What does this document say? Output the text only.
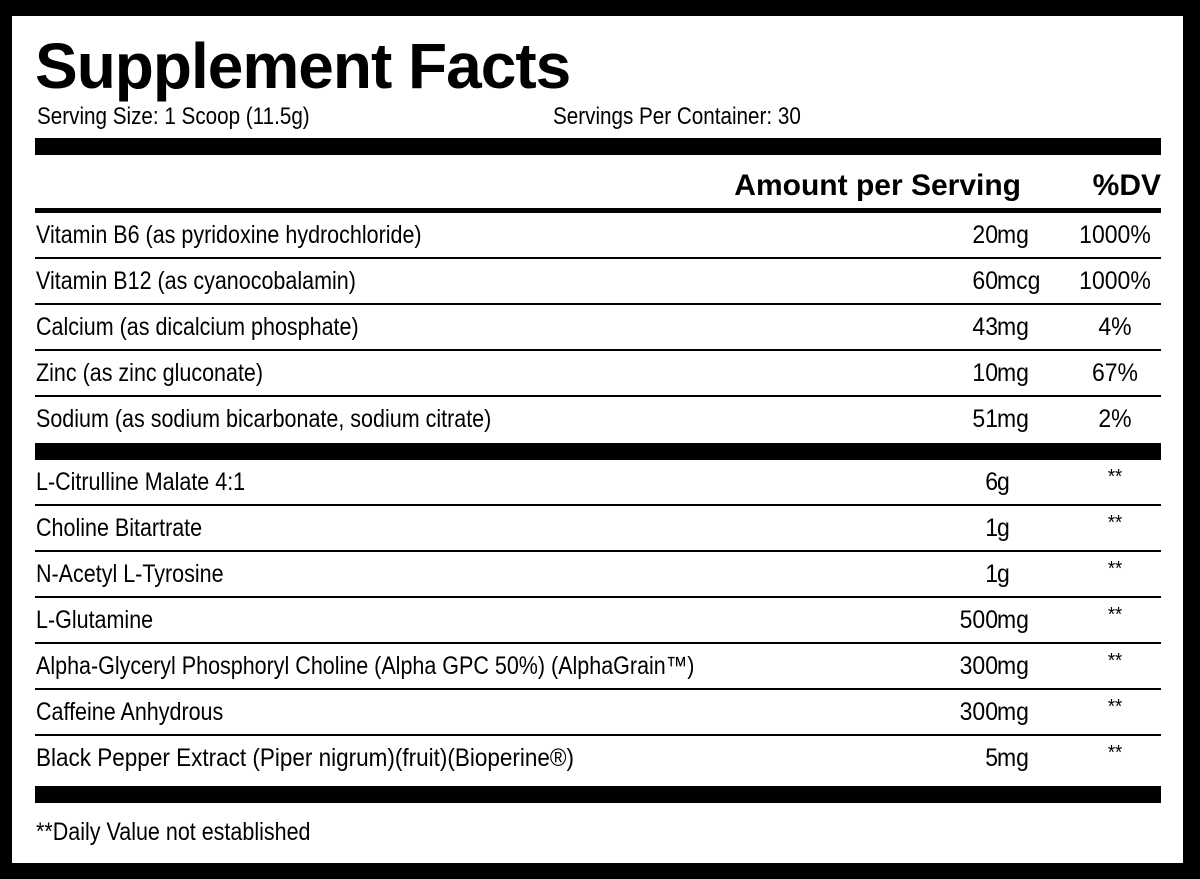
Supplement Facts
Serving Size: 1 Scoop (11.5g)	Servings Per Container: 30
Amount per Serving %DV
Vitamin B6 (as pyridoxine hydrochloride)	20 mg	1000%
Vitamin B12 (as cyanocobalamin)	60 mcg	1000%
Calcium (as dicalcium phosphate)	43 mg	4%
Zinc (as zinc gluconate)	10 mg	67%
Sodium (as sodium bicarbonate, sodium citrate)	51 mg	2%
L-Citrulline Malate 4:1	6 g	**
Choline Bitartrate	1 g	**
N-Acetyl L-Tyrosine	1 g	**
L-Glutamine	500 mg	**
Alpha-Glyceryl Phosphoryl Choline (Alpha GPC 50%) (AlphaGrain™)	300 mg	**
Caffeine Anhydrous	300 mg	**
Black Pepper Extract (Piper nigrum)(fruit)(Bioperine®)	5 mg	**
**Daily Value not established
